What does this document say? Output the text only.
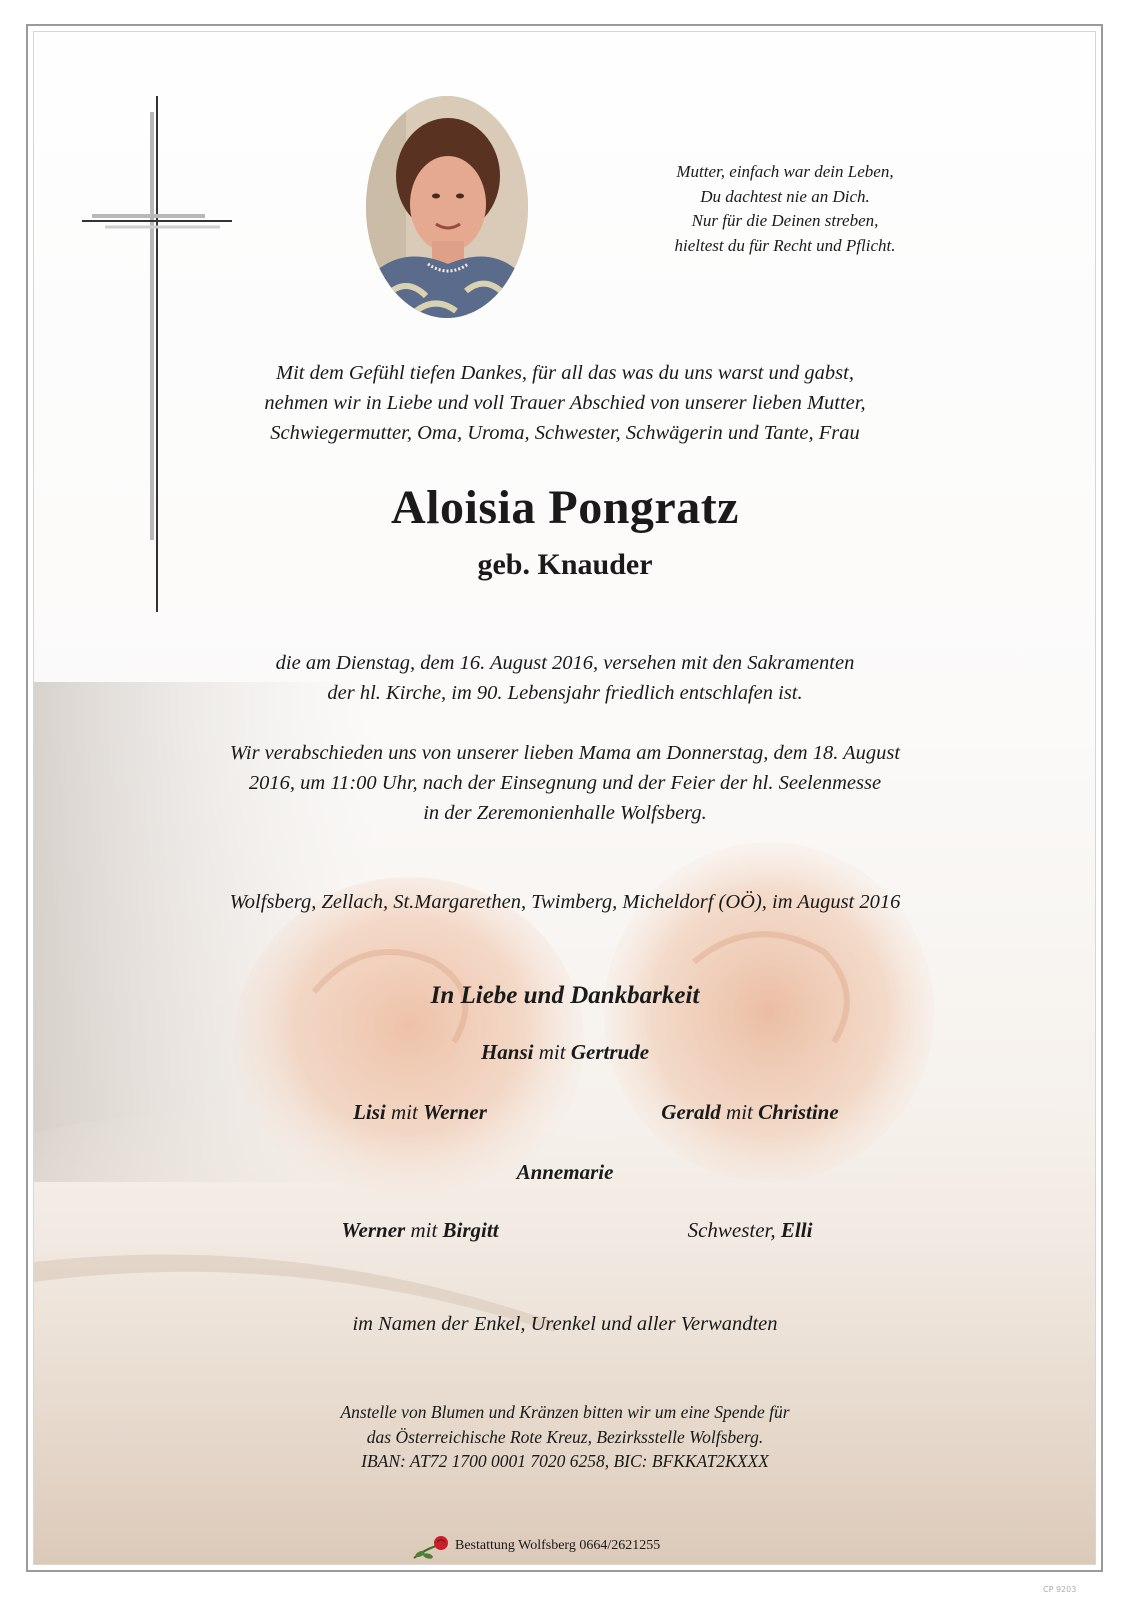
Mutter, einfach war dein Leben,
Du dachtest nie an Dich.
Nur für die Deinen streben,
hieltest du für Recht und Pflicht.
Mit dem Gefühl tiefen Dankes, für all das was du uns warst und gabst,
nehmen wir in Liebe und voll Trauer Abschied von unserer lieben Mutter,
Schwiegermutter, Oma, Uroma, Schwester, Schwägerin und Tante, Frau
Aloisia Pongratz
geb. Knauder
die am Dienstag, dem 16. August 2016, versehen mit den Sakramenten
der hl. Kirche, im 90. Lebensjahr friedlich entschlafen ist.
Wir verabschieden uns von unserer lieben Mama am Donnerstag, dem 18. August
2016, um 11:00 Uhr, nach der Einsegnung und der Feier der hl. Seelenmesse
in der Zeremonienhalle Wolfsberg.
Wolfsberg, Zellach, St.Margarethen, Twimberg, Micheldorf (OÖ), im August 2016
In Liebe und Dankbarkeit
Hansi mit Gertrude
Lisi mit Werner	Gerald mit Christine
Annemarie
Werner mit Birgitt	Schwester, Elli
im Namen der Enkel, Urenkel und aller Verwandten
Anstelle von Blumen und Kränzen bitten wir um eine Spende für
das Österreichische Rote Kreuz, Bezirksstelle Wolfsberg.
IBAN: AT72 1700 0001 7020 6258, BIC: BFKKAT2KXXX
Bestattung Wolfsberg 0664/2621255
CP 9203
